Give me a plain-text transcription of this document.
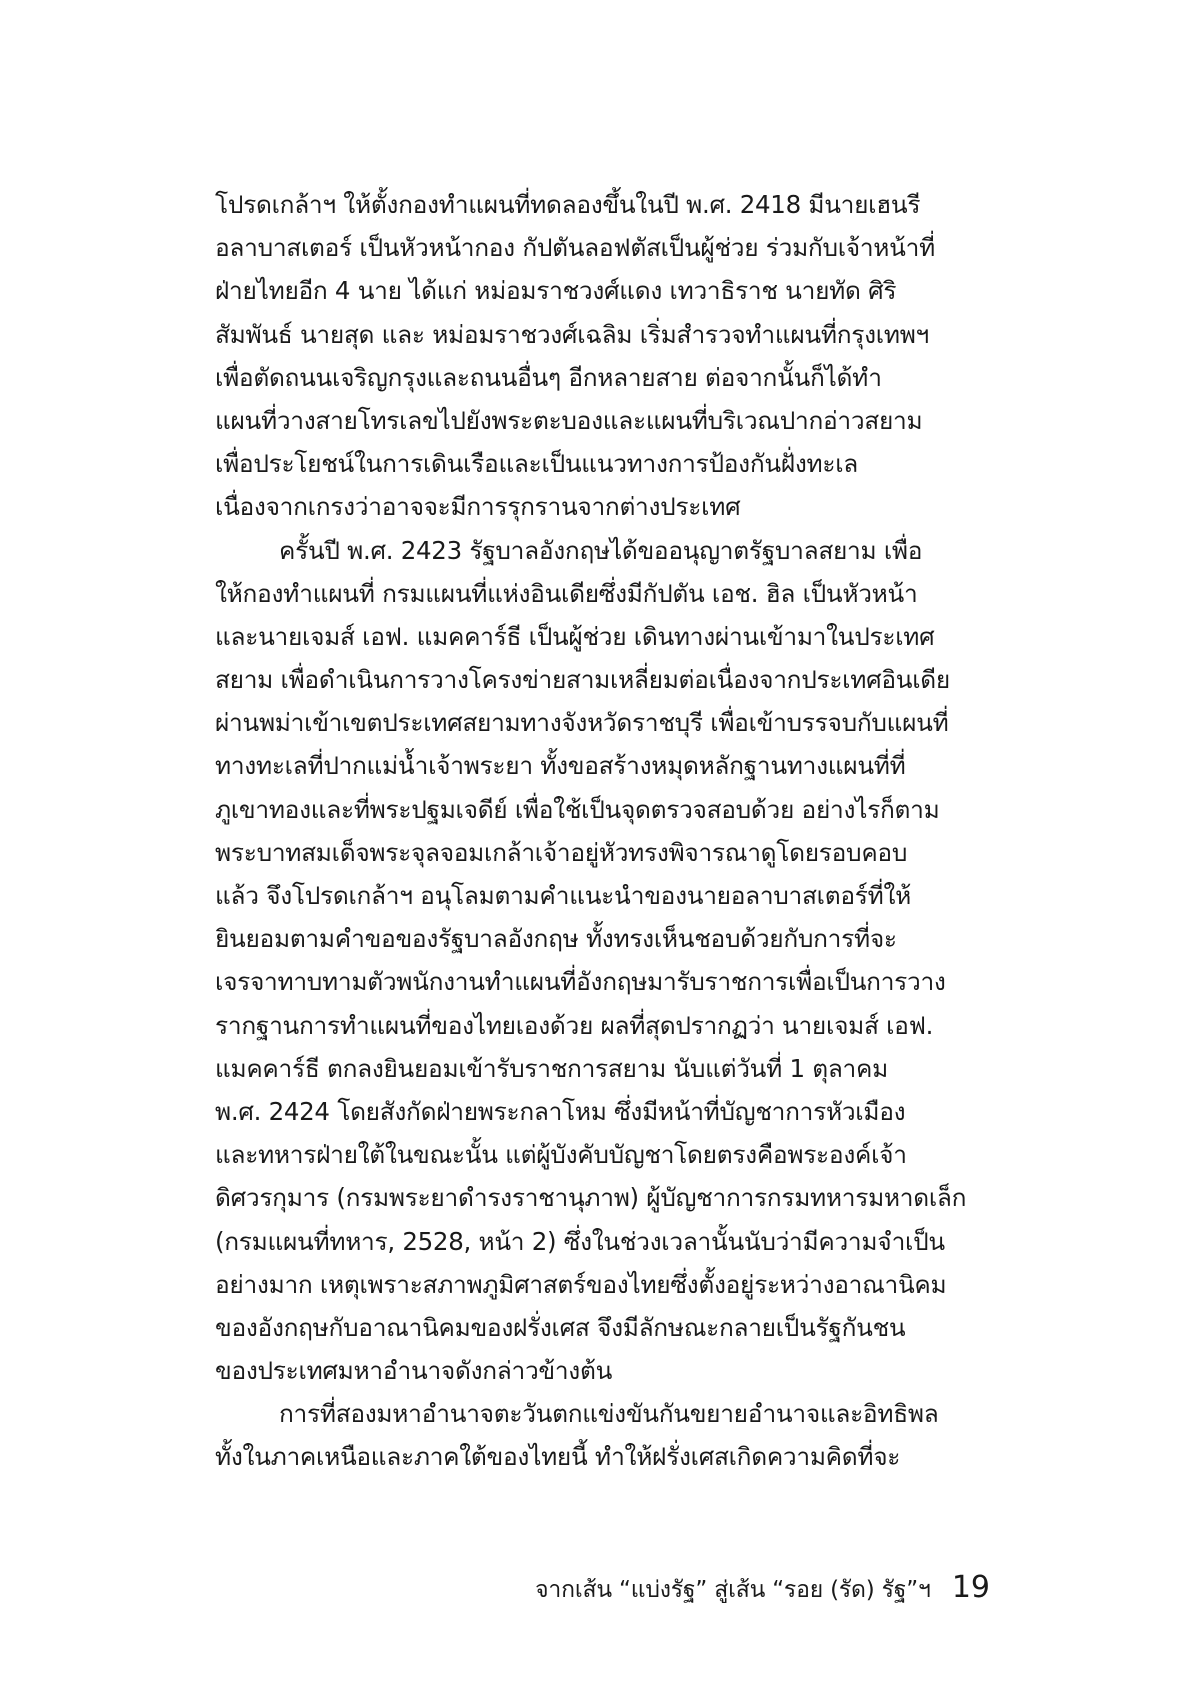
โปรดเกล้าฯ ให้ตั้งกองทำแผนที่ทดลองขึ้นในปี พ.ศ. 2418 มีนายเฮนรี
อลาบาสเตอร์ เป็นหัวหน้ากอง กัปตันลอฟตัสเป็นผู้ช่วย ร่วมกับเจ้าหน้าที่
ฝ่ายไทยอีก 4 นาย ได้แก่ หม่อมราชวงศ์แดง เทวาธิราช นายทัด ศิริ
สัมพันธ์ นายสุด และ หม่อมราชวงศ์เฉลิม เริ่มสำรวจทำแผนที่กรุงเทพฯ
เพื่อตัดถนนเจริญกรุงและถนนอื่นๆ อีกหลายสาย ต่อจากนั้นก็ได้ทำ
แผนที่วางสายโทรเลขไปยังพระตะบองและแผนที่บริเวณปากอ่าวสยาม
เพื่อประโยชน์ในการเดินเรือและเป็นแนวทางการป้องกันฝั่งทะเล
เนื่องจากเกรงว่าอาจจะมีการรุกรานจากต่างประเทศ
ครั้นปี พ.ศ. 2423 รัฐบาลอังกฤษได้ขออนุญาตรัฐบาลสยาม เพื่อ
ให้กองทำแผนที่ กรมแผนที่แห่งอินเดียซึ่งมีกัปตัน เอช. ฮิล เป็นหัวหน้า
และนายเจมส์ เอฟ. แมคคาร์ธี เป็นผู้ช่วย เดินทางผ่านเข้ามาในประเทศ
สยาม เพื่อดำเนินการวางโครงข่ายสามเหลี่ยมต่อเนื่องจากประเทศอินเดีย
ผ่านพม่าเข้าเขตประเทศสยามทางจังหวัดราชบุรี เพื่อเข้าบรรจบกับแผนที่
ทางทะเลที่ปากแม่น้ำเจ้าพระยา ทั้งขอสร้างหมุดหลักฐานทางแผนที่ที่
ภูเขาทองและที่พระปฐมเจดีย์ เพื่อใช้เป็นจุดตรวจสอบด้วย อย่างไรก็ตาม
พระบาทสมเด็จพระจุลจอมเกล้าเจ้าอยู่หัวทรงพิจารณาดูโดยรอบคอบ
แล้ว จึงโปรดเกล้าฯ อนุโลมตามคำแนะนำของนายอลาบาสเตอร์ที่ให้
ยินยอมตามคำขอของรัฐบาลอังกฤษ ทั้งทรงเห็นชอบด้วยกับการที่จะ
เจรจาทาบทามตัวพนักงานทำแผนที่อังกฤษมารับราชการเพื่อเป็นการวาง
รากฐานการทำแผนที่ของไทยเองด้วย ผลที่สุดปรากฏว่า นายเจมส์ เอฟ.
แมคคาร์ธี ตกลงยินยอมเข้ารับราชการสยาม นับแต่วันที่ 1 ตุลาคม
พ.ศ. 2424 โดยสังกัดฝ่ายพระกลาโหม ซึ่งมีหน้าที่บัญชาการหัวเมือง
และทหารฝ่ายใต้ในขณะนั้น แต่ผู้บังคับบัญชาโดยตรงคือพระองค์เจ้า
ดิศวรกุมาร (กรมพระยาดำรงราชานุภาพ) ผู้บัญชาการกรมทหารมหาดเล็ก
(กรมแผนที่ทหาร, 2528, หน้า 2) ซึ่งในช่วงเวลานั้นนับว่ามีความจำเป็น
อย่างมาก เหตุเพราะสภาพภูมิศาสตร์ของไทยซึ่งตั้งอยู่ระหว่างอาณานิคม
ของอังกฤษกับอาณานิคมของฝรั่งเศส จึงมีลักษณะกลายเป็นรัฐกันชน
ของประเทศมหาอำนาจดังกล่าวข้างต้น
การที่สองมหาอำนาจตะวันตกแข่งขันกันขยายอำนาจและอิทธิพล
ทั้งในภาคเหนือและภาคใต้ของไทยนี้ ทำให้ฝรั่งเศสเกิดความคิดที่จะ
จากเส้น “แบ่งรัฐ” สู่เส้น “รอย (รัด) รัฐ”ฯ 19
